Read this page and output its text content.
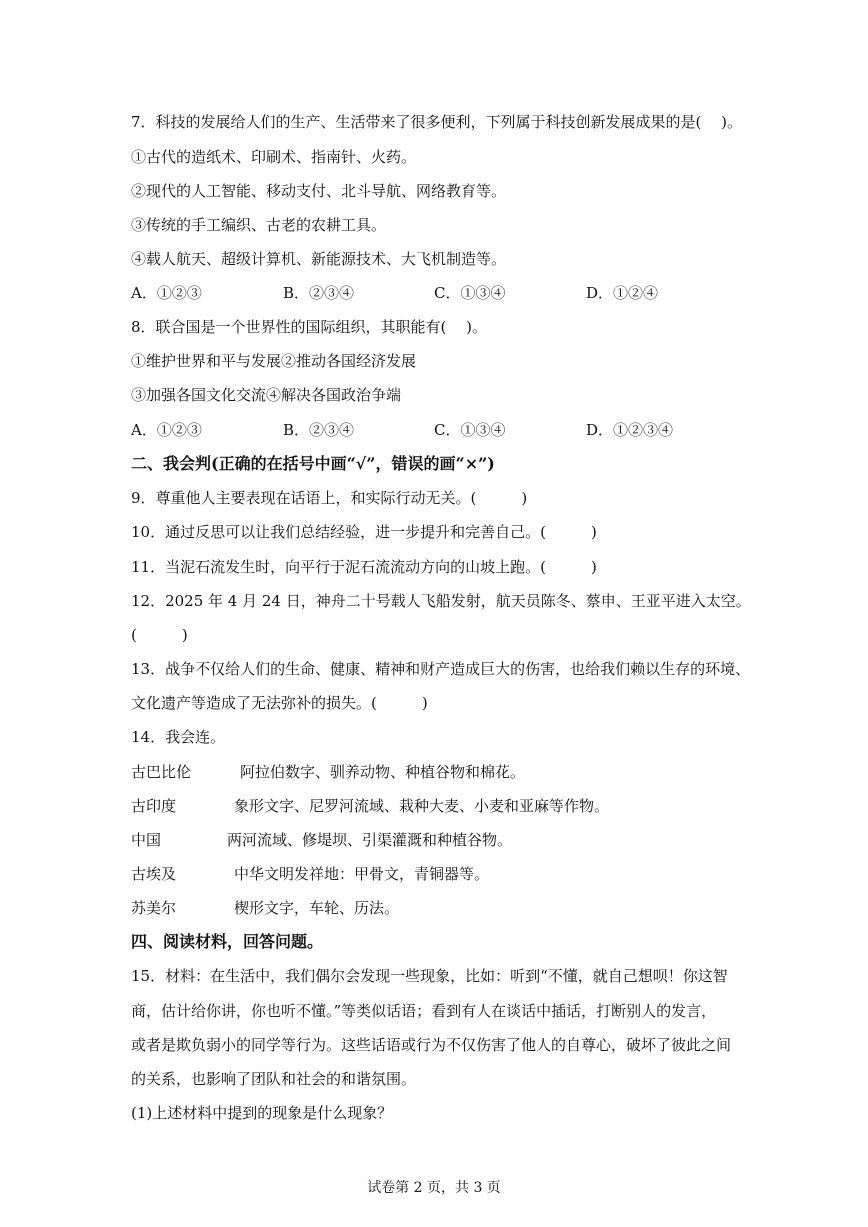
7．科技的发展给人们的生产、生活带来了很多便利，下列属于科技创新发展成果的是(　 )。
①古代的造纸术、印刷术、指南针、火药。
②现代的人工智能、移动支付、北斗导航、网络教育等。
③传统的手工编织、古老的农耕工具。
④载人航天、超级计算机、新能源技术、大飞机制造等。
A．①②③	B．②③④	C．①③④	D．①②④
8．联合国是一个世界性的国际组织，其职能有(　 )。
①维护世界和平与发展②推动各国经济发展
③加强各国文化交流④解决各国政治争端
A．①②③	B．②③④	C．①③④	D．①②③④
二、我会判(正确的在括号中画“√”，错误的画“×”)
9．尊重他人主要表现在话语上，和实际行动无关。(　　　)
10．通过反思可以让我们总结经验，进一步提升和完善自己。(　　　)
11．当泥石流发生时，向平行于泥石流流动方向的山坡上跑。(　　　)
12．2025 年 4 月 24 日，神舟二十号载人飞船发射，航天员陈冬、蔡申、王亚平进入太空。
(　　　)
13．战争不仅给人们的生命、健康、精神和财产造成巨大的伤害，也给我们赖以生存的环境、
文化遗产等造成了无法弥补的损失。(　　　)
14．我会连。
古巴比伦	阿拉伯数字、驯养动物、种植谷物和棉花。
古印度	象形文字、尼罗河流域、栽种大麦、小麦和亚麻等作物。
中国	两河流域、修堤坝、引渠灌溉和种植谷物。
古埃及	中华文明发祥地：甲骨文，青铜器等。
苏美尔	楔形文字，车轮、历法。
四、阅读材料，回答问题。
15．材料：在生活中，我们偶尔会发现一些现象，比如：听到“不懂，就自己想呗！你这智
商，估计给你讲，你也听不懂。”等类似话语；看到有人在谈话中插话，打断别人的发言，
或者是欺负弱小的同学等行为。这些话语或行为不仅伤害了他人的自尊心，破坏了彼此之间
的关系，也影响了团队和社会的和谐氛围。
(1)上述材料中提到的现象是什么现象？
试卷第 2 页，共 3 页
